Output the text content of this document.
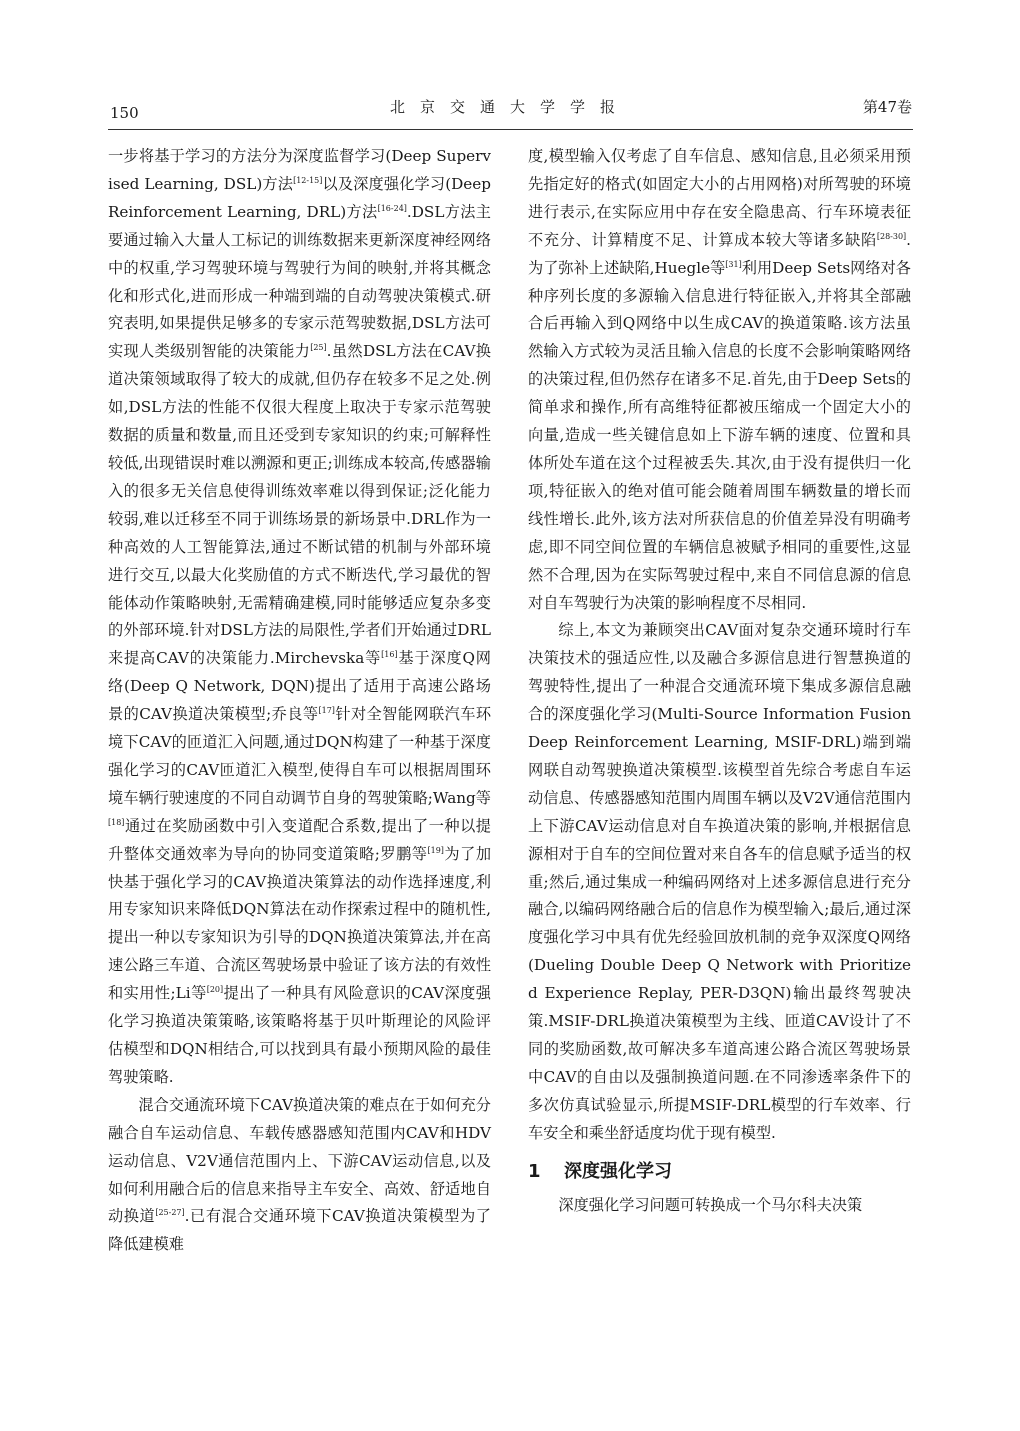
150	北京交通大学学报	第47卷

一步将基于学习的方法分为深度监督学习(Deep Supervised Learning, DSL)方法[12-15]以及深度强化学习(Deep Reinforcement Learning, DRL)方法[16-24].DSL方法主要通过输入大量人工标记的训练数据来更新深度神经网络中的权重,学习驾驶环境与驾驶行为间的映射,并将其概念化和形式化,进而形成一种端到端的自动驾驶决策模式.研究表明,如果提供足够多的专家示范驾驶数据,DSL方法可实现人类级别智能的决策能力[25].虽然DSL方法在CAV换道决策领域取得了较大的成就,但仍存在较多不足之处.例如,DSL方法的性能不仅很大程度上取决于专家示范驾驶数据的质量和数量,而且还受到专家知识的约束;可解释性较低,出现错误时难以溯源和更正;训练成本较高,传感器输入的很多无关信息使得训练效率难以得到保证;泛化能力较弱,难以迁移至不同于训练场景的新场景中.DRL作为一种高效的人工智能算法,通过不断试错的机制与外部环境进行交互,以最大化奖励值的方式不断迭代,学习最优的智能体动作策略映射,无需精确建模,同时能够适应复杂多变的外部环境.针对DSL方法的局限性,学者们开始通过DRL来提高CAV的决策能力.Mirchevska等[16]基于深度Q网络(Deep Q Network, DQN)提出了适用于高速公路场景的CAV换道决策模型;乔良等[17]针对全智能网联汽车环境下CAV的匝道汇入问题,通过DQN构建了一种基于深度强化学习的CAV匝道汇入模型,使得自车可以根据周围环境车辆行驶速度的不同自动调节自身的驾驶策略;Wang等[18]通过在奖励函数中引入变道配合系数,提出了一种以提升整体交通效率为导向的协同变道策略;罗鹏等[19]为了加快基于强化学习的CAV换道决策算法的动作选择速度,利用专家知识来降低DQN算法在动作探索过程中的随机性,提出一种以专家知识为引导的DQN换道决策算法,并在高速公路三车道、合流区驾驶场景中验证了该方法的有效性和实用性;Li等[20]提出了一种具有风险意识的CAV深度强化学习换道决策策略,该策略将基于贝叶斯理论的风险评估模型和DQN相结合,可以找到具有最小预期风险的最佳驾驶策略.

混合交通流环境下CAV换道决策的难点在于如何充分融合自车运动信息、车载传感器感知范围内CAV和HDV运动信息、V2V通信范围内上、下游CAV运动信息,以及如何利用融合后的信息来指导主车安全、高效、舒适地自动换道[25-27].已有混合交通环境下CAV换道决策模型为了降低建模难

度,模型输入仅考虑了自车信息、感知信息,且必须采用预先指定好的格式(如固定大小的占用网格)对所驾驶的环境进行表示,在实际应用中存在安全隐患高、行车环境表征不充分、计算精度不足、计算成本较大等诸多缺陷[28-30].为了弥补上述缺陷,Huegle等[31]利用Deep Sets网络对各种序列长度的多源输入信息进行特征嵌入,并将其全部融合后再输入到Q网络中以生成CAV的换道策略.该方法虽然输入方式较为灵活且输入信息的长度不会影响策略网络的决策过程,但仍然存在诸多不足.首先,由于Deep Sets的简单求和操作,所有高维特征都被压缩成一个固定大小的向量,造成一些关键信息如上下游车辆的速度、位置和具体所处车道在这个过程被丢失.其次,由于没有提供归一化项,特征嵌入的绝对值可能会随着周围车辆数量的增长而线性增长.此外,该方法对所获信息的价值差异没有明确考虑,即不同空间位置的车辆信息被赋予相同的重要性,这显然不合理,因为在实际驾驶过程中,来自不同信息源的信息对自车驾驶行为决策的影响程度不尽相同.

综上,本文为兼顾突出CAV面对复杂交通环境时行车决策技术的强适应性,以及融合多源信息进行智慧换道的驾驶特性,提出了一种混合交通流环境下集成多源信息融合的深度强化学习(Multi-Source Information Fusion Deep Reinforcement Learning, MSIF-DRL)端到端网联自动驾驶换道决策模型.该模型首先综合考虑自车运动信息、传感器感知范围内周围车辆以及V2V通信范围内上下游CAV运动信息对自车换道决策的影响,并根据信息源相对于自车的空间位置对来自各车的信息赋予适当的权重;然后,通过集成一种编码网络对上述多源信息进行充分融合,以编码网络融合后的信息作为模型输入;最后,通过深度强化学习中具有优先经验回放机制的竞争双深度Q网络(Dueling Double Deep Q Network with Prioritized Experience Replay, PER-D3QN)输出最终驾驶决策.MSIF-DRL换道决策模型为主线、匝道CAV设计了不同的奖励函数,故可解决多车道高速公路合流区驾驶场景中CAV的自由以及强制换道问题.在不同渗透率条件下的多次仿真试验显示,所提MSIF-DRL模型的行车效率、行车安全和乘坐舒适度均优于现有模型.

1 深度强化学习

深度强化学习问题可转换成一个马尔科夫决策
